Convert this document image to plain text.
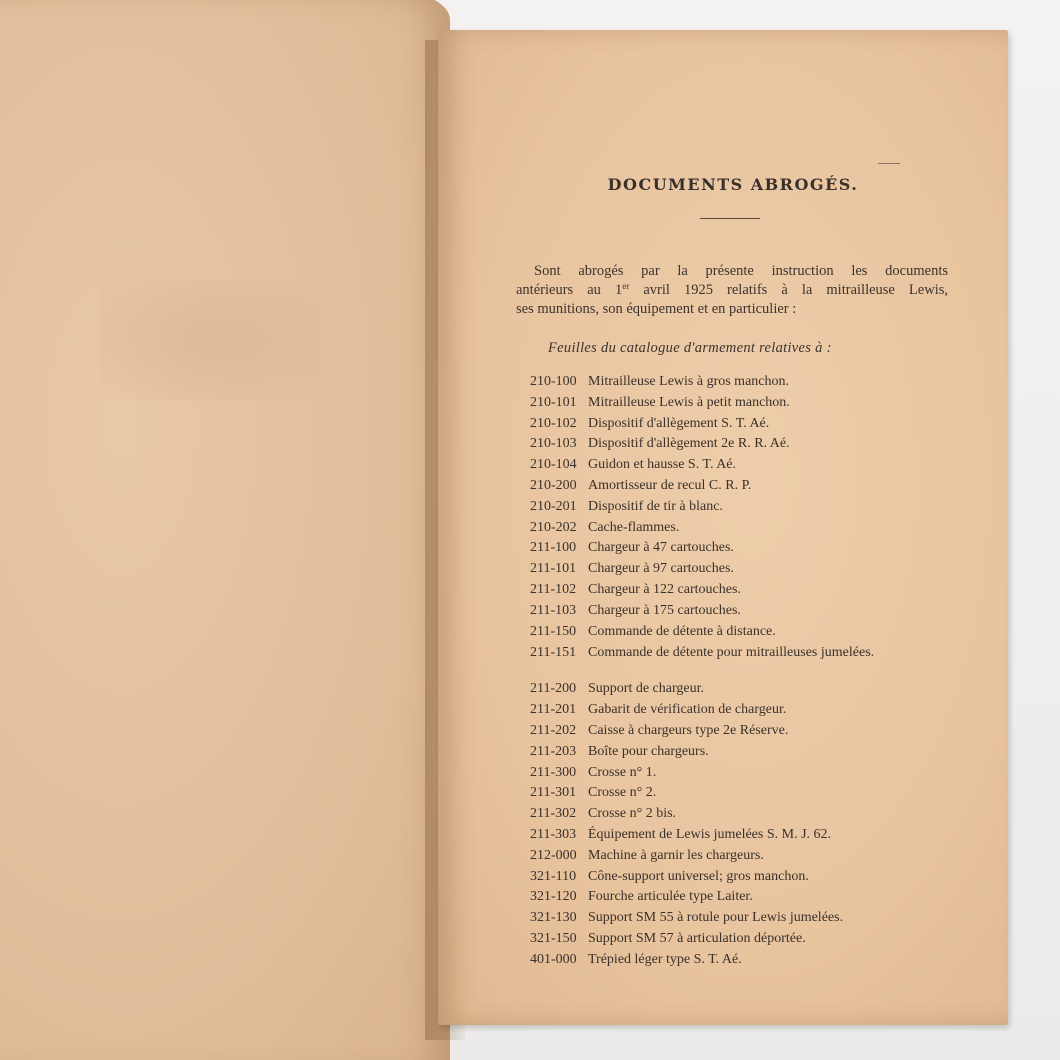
DOCUMENTS ABROGÉS.

Sont abrogés par la présente instruction les documents

antérieurs au 1er avril 1925 relatifs à la mitrailleuse Lewis,

ses munitions, son équipement et en particulier :

Feuilles du catalogue d'armement relatives à :
210-100 Mitrailleuse Lewis à gros manchon.
210-101 Mitrailleuse Lewis à petit manchon.
210-102 Dispositif d'allègement S. T. Aé.
210-103 Dispositif d'allègement 2e R. R. Aé.
210-104 Guidon et hausse S. T. Aé.
210-200 Amortisseur de recul C. R. P.
210-201 Dispositif de tir à blanc.
210-202 Cache-flammes.
211-100 Chargeur à 47 cartouches.
211-101 Chargeur à 97 cartouches.
211-102 Chargeur à 122 cartouches.
211-103 Chargeur à 175 cartouches.
211-150 Commande de détente à distance.
211-151 Commande de détente pour mitrailleuses jumelées.
211-200 Support de chargeur.
211-201 Gabarit de vérification de chargeur.
211-202 Caisse à chargeurs type 2e Réserve.
211-203 Boîte pour chargeurs.
211-300 Crosse n° 1.
211-301 Crosse n° 2.
211-302 Crosse n° 2 bis.
211-303 Équipement de Lewis jumelées S. M. J. 62.
212-000 Machine à garnir les chargeurs.
321-110 Cône-support universel; gros manchon.
321-120 Fourche articulée type Laiter.
321-130 Support SM 55 à rotule pour Lewis jumelées.
321-150 Support SM 57 à articulation déportée.
401-000 Trépied léger type S. T. Aé.
